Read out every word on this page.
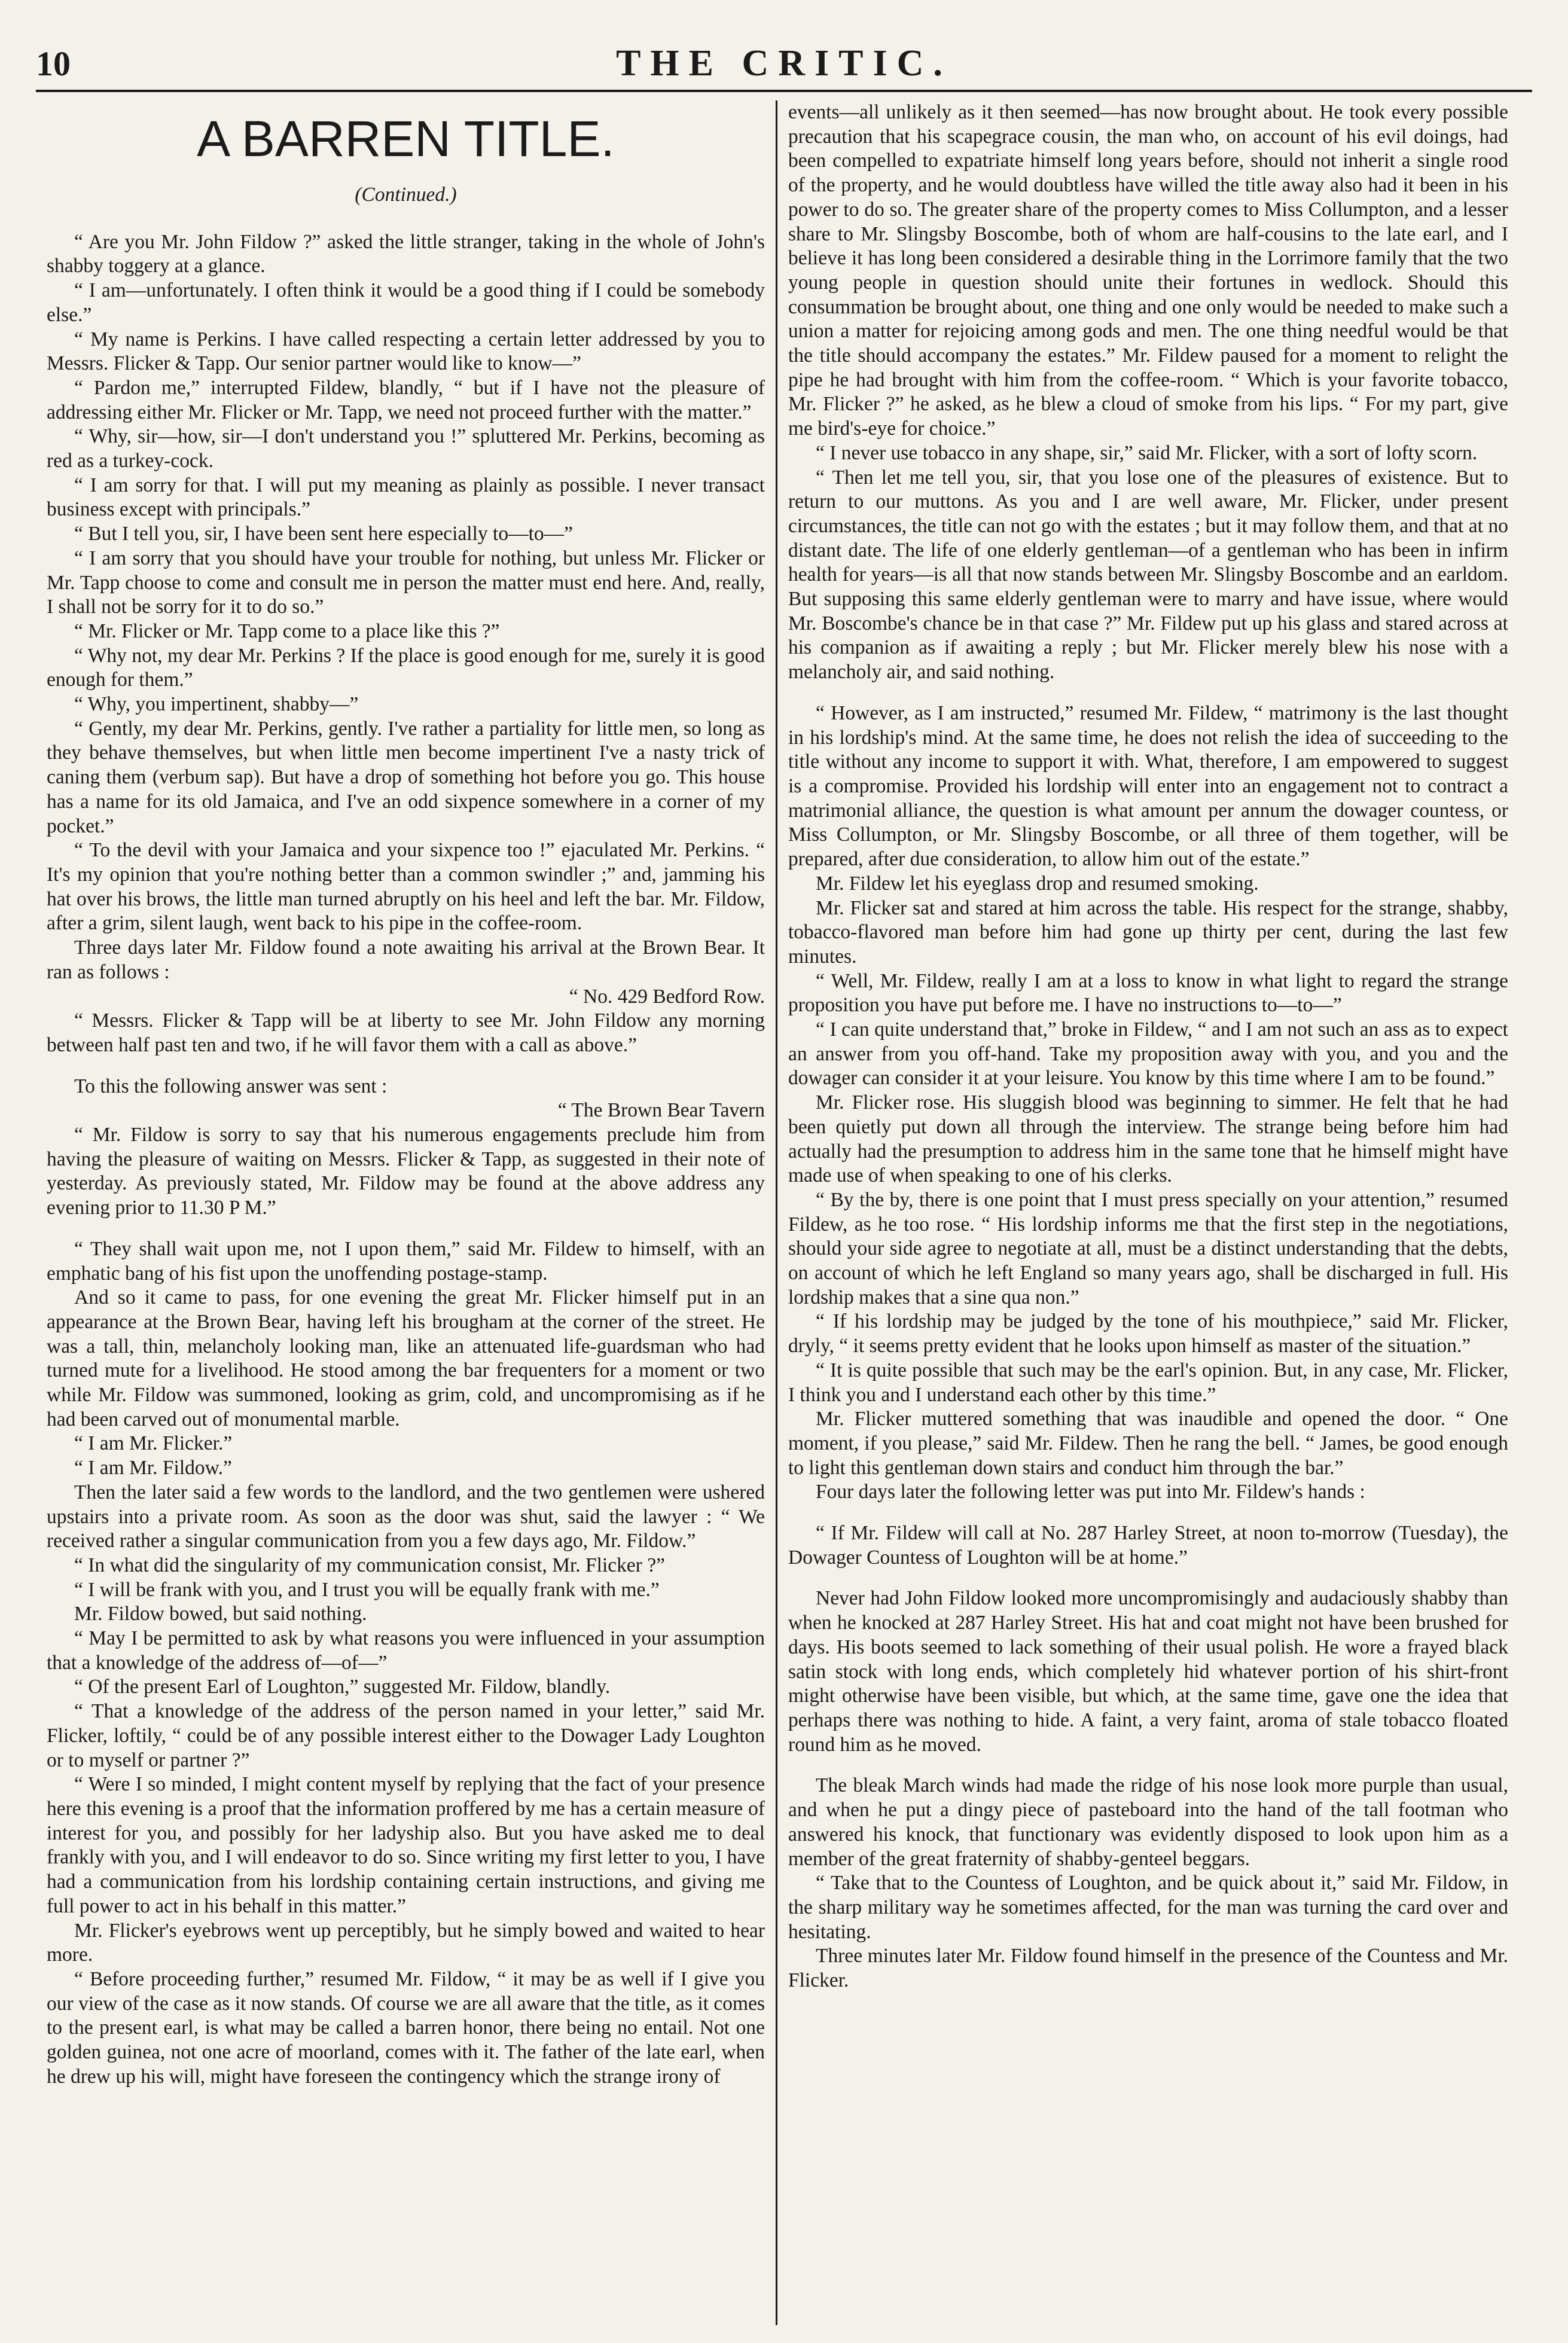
10	THE CRITIC.
A BARREN TITLE.
(Continued.)

“ Are you Mr. John Fildow ?” asked the little stranger, taking in the whole of John's shabby toggery at a glance.

“ I am—unfortunately. I often think it would be a good thing if I could be somebody else.”

“ My name is Perkins. I have called respecting a certain letter addressed by you to Messrs. Flicker & Tapp. Our senior partner would like to know—”

“ Pardon me,” interrupted Fildew, blandly, “ but if I have not the pleasure of addressing either Mr. Flicker or Mr. Tapp, we need not proceed further with the matter.”

“ Why, sir—how, sir—I don't understand you !” spluttered Mr. Perkins, becoming as red as a turkey-cock.

“ I am sorry for that. I will put my meaning as plainly as possible. I never transact business except with principals.”

“ But I tell you, sir, I have been sent here especially to—to—”

“ I am sorry that you should have your trouble for nothing, but unless Mr. Flicker or Mr. Tapp choose to come and consult me in person the matter must end here. And, really, I shall not be sorry for it to do so.”

“ Mr. Flicker or Mr. Tapp come to a place like this ?”

“ Why not, my dear Mr. Perkins ? If the place is good enough for me, surely it is good enough for them.”

“ Why, you impertinent, shabby—”

“ Gently, my dear Mr. Perkins, gently. I've rather a partiality for little men, so long as they behave themselves, but when little men become impertinent I've a nasty trick of caning them (verbum sap). But have a drop of something hot before you go. This house has a name for its old Jamaica, and I've an odd sixpence somewhere in a corner of my pocket.”

“ To the devil with your Jamaica and your sixpence too !” ejaculated Mr. Perkins. “ It's my opinion that you're nothing better than a common swindler ;” and, jamming his hat over his brows, the little man turned abruptly on his heel and left the bar. Mr. Fildow, after a grim, silent laugh, went back to his pipe in the coffee-room.

Three days later Mr. Fildow found a note awaiting his arrival at the Brown Bear. It ran as follows :

“ No. 429 Bedford Row.

“ Messrs. Flicker & Tapp will be at liberty to see Mr. John Fildow any morning between half past ten and two, if he will favor them with a call as above.”

To this the following answer was sent :

“ The Brown Bear Tavern

“ Mr. Fildow is sorry to say that his numerous engagements preclude him from having the pleasure of waiting on Messrs. Flicker & Tapp, as suggested in their note of yesterday. As previously stated, Mr. Fildow may be found at the above address any evening prior to 11.30 P M.”

“ They shall wait upon me, not I upon them,” said Mr. Fildew to himself, with an emphatic bang of his fist upon the unoffending postage-stamp.

And so it came to pass, for one evening the great Mr. Flicker himself put in an appearance at the Brown Bear, having left his brougham at the corner of the street. He was a tall, thin, melancholy looking man, like an attenuated life-guardsman who had turned mute for a livelihood. He stood among the bar frequenters for a moment or two while Mr. Fildow was summoned, looking as grim, cold, and uncompromising as if he had been carved out of monumental marble.

“ I am Mr. Flicker.”

“ I am Mr. Fildow.”

Then the later said a few words to the landlord, and the two gentlemen were ushered upstairs into a private room. As soon as the door was shut, said the lawyer : “ We received rather a singular communication from you a few days ago, Mr. Fildow.”

“ In what did the singularity of my communication consist, Mr. Flicker ?”

“ I will be frank with you, and I trust you will be equally frank with me.”

Mr. Fildow bowed, but said nothing.

“ May I be permitted to ask by what reasons you were influenced in your assumption that a knowledge of the address of—of—”

“ Of the present Earl of Loughton,” suggested Mr. Fildow, blandly.

“ That a knowledge of the address of the person named in your letter,” said Mr. Flicker, loftily, “ could be of any possible interest either to the Dowager Lady Loughton or to myself or partner ?”

“ Were I so minded, I might content myself by replying that the fact of your presence here this evening is a proof that the information proffered by me has a certain measure of interest for you, and possibly for her ladyship also. But you have asked me to deal frankly with you, and I will endeavor to do so. Since writing my first letter to you, I have had a communication from his lordship containing certain instructions, and giving me full power to act in his behalf in this matter.”

Mr. Flicker's eyebrows went up perceptibly, but he simply bowed and waited to hear more.

“ Before proceeding further,” resumed Mr. Fildow, “ it may be as well if I give you our view of the case as it now stands. Of course we are all aware that the title, as it comes to the present earl, is what may be called a barren honor, there being no entail. Not one golden guinea, not one acre of moorland, comes with it. The father of the late earl, when he drew up his will, might have foreseen the contingency which the strange irony of

events—all unlikely as it then seemed—has now brought about. He took every possible precaution that his scapegrace cousin, the man who, on account of his evil doings, had been compelled to expatriate himself long years before, should not inherit a single rood of the property, and he would doubtless have willed the title away also had it been in his power to do so. The greater share of the property comes to Miss Collumpton, and a lesser share to Mr. Slingsby Boscombe, both of whom are half-cousins to the late earl, and I believe it has long been considered a desirable thing in the Lorrimore family that the two young people in question should unite their fortunes in wedlock. Should this consummation be brought about, one thing and one only would be needed to make such a union a matter for rejoicing among gods and men. The one thing needful would be that the title should accompany the estates.” Mr. Fildew paused for a moment to relight the pipe he had brought with him from the coffee-room. “ Which is your favorite tobacco, Mr. Flicker ?” he asked, as he blew a cloud of smoke from his lips. “ For my part, give me bird's-eye for choice.”

“ I never use tobacco in any shape, sir,” said Mr. Flicker, with a sort of lofty scorn.

“ Then let me tell you, sir, that you lose one of the pleasures of existence. But to return to our muttons. As you and I are well aware, Mr. Flicker, under present circumstances, the title can not go with the estates ; but it may follow them, and that at no distant date. The life of one elderly gentleman—of a gentleman who has been in infirm health for years—is all that now stands between Mr. Slingsby Boscombe and an earldom. But supposing this same elderly gentleman were to marry and have issue, where would Mr. Boscombe's chance be in that case ?” Mr. Fildew put up his glass and stared across at his companion as if awaiting a reply ; but Mr. Flicker merely blew his nose with a melancholy air, and said nothing.

“ However, as I am instructed,” resumed Mr. Fildew, “ matrimony is the last thought in his lordship's mind. At the same time, he does not relish the idea of succeeding to the title without any income to support it with. What, therefore, I am empowered to suggest is a compromise. Provided his lordship will enter into an engagement not to contract a matrimonial alliance, the question is what amount per annum the dowager countess, or Miss Collumpton, or Mr. Slingsby Boscombe, or all three of them together, will be prepared, after due consideration, to allow him out of the estate.”

Mr. Fildew let his eyeglass drop and resumed smoking.

Mr. Flicker sat and stared at him across the table. His respect for the strange, shabby, tobacco-flavored man before him had gone up thirty per cent, during the last few minutes.

“ Well, Mr. Fildew, really I am at a loss to know in what light to regard the strange proposition you have put before me. I have no instructions to—to—”

“ I can quite understand that,” broke in Fildew, “ and I am not such an ass as to expect an answer from you off-hand. Take my proposition away with you, and you and the dowager can consider it at your leisure. You know by this time where I am to be found.”

Mr. Flicker rose. His sluggish blood was beginning to simmer. He felt that he had been quietly put down all through the interview. The strange being before him had actually had the presumption to address him in the same tone that he himself might have made use of when speaking to one of his clerks.

“ By the by, there is one point that I must press specially on your attention,” resumed Fildew, as he too rose. “ His lordship informs me that the first step in the negotiations, should your side agree to negotiate at all, must be a distinct understanding that the debts, on account of which he left England so many years ago, shall be discharged in full. His lordship makes that a sine qua non.”

“ If his lordship may be judged by the tone of his mouthpiece,” said Mr. Flicker, dryly, “ it seems pretty evident that he looks upon himself as master of the situation.”

“ It is quite possible that such may be the earl's opinion. But, in any case, Mr. Flicker, I think you and I understand each other by this time.”

Mr. Flicker muttered something that was inaudible and opened the door. “ One moment, if you please,” said Mr. Fildew. Then he rang the bell. “ James, be good enough to light this gentleman down stairs and conduct him through the bar.”

Four days later the following letter was put into Mr. Fildew's hands :

“ If Mr. Fildew will call at No. 287 Harley Street, at noon to-morrow (Tuesday), the Dowager Countess of Loughton will be at home.”

Never had John Fildow looked more uncompromisingly and audaciously shabby than when he knocked at 287 Harley Street. His hat and coat might not have been brushed for days. His boots seemed to lack something of their usual polish. He wore a frayed black satin stock with long ends, which completely hid whatever portion of his shirt-front might otherwise have been visible, but which, at the same time, gave one the idea that perhaps there was nothing to hide. A faint, a very faint, aroma of stale tobacco floated round him as he moved.

The bleak March winds had made the ridge of his nose look more purple than usual, and when he put a dingy piece of pasteboard into the hand of the tall footman who answered his knock, that functionary was evidently disposed to look upon him as a member of the great fraternity of shabby-genteel beggars.

“ Take that to the Countess of Loughton, and be quick about it,” said Mr. Fildow, in the sharp military way he sometimes affected, for the man was turning the card over and hesitating.

Three minutes later Mr. Fildow found himself in the presence of the Countess and Mr. Flicker.
